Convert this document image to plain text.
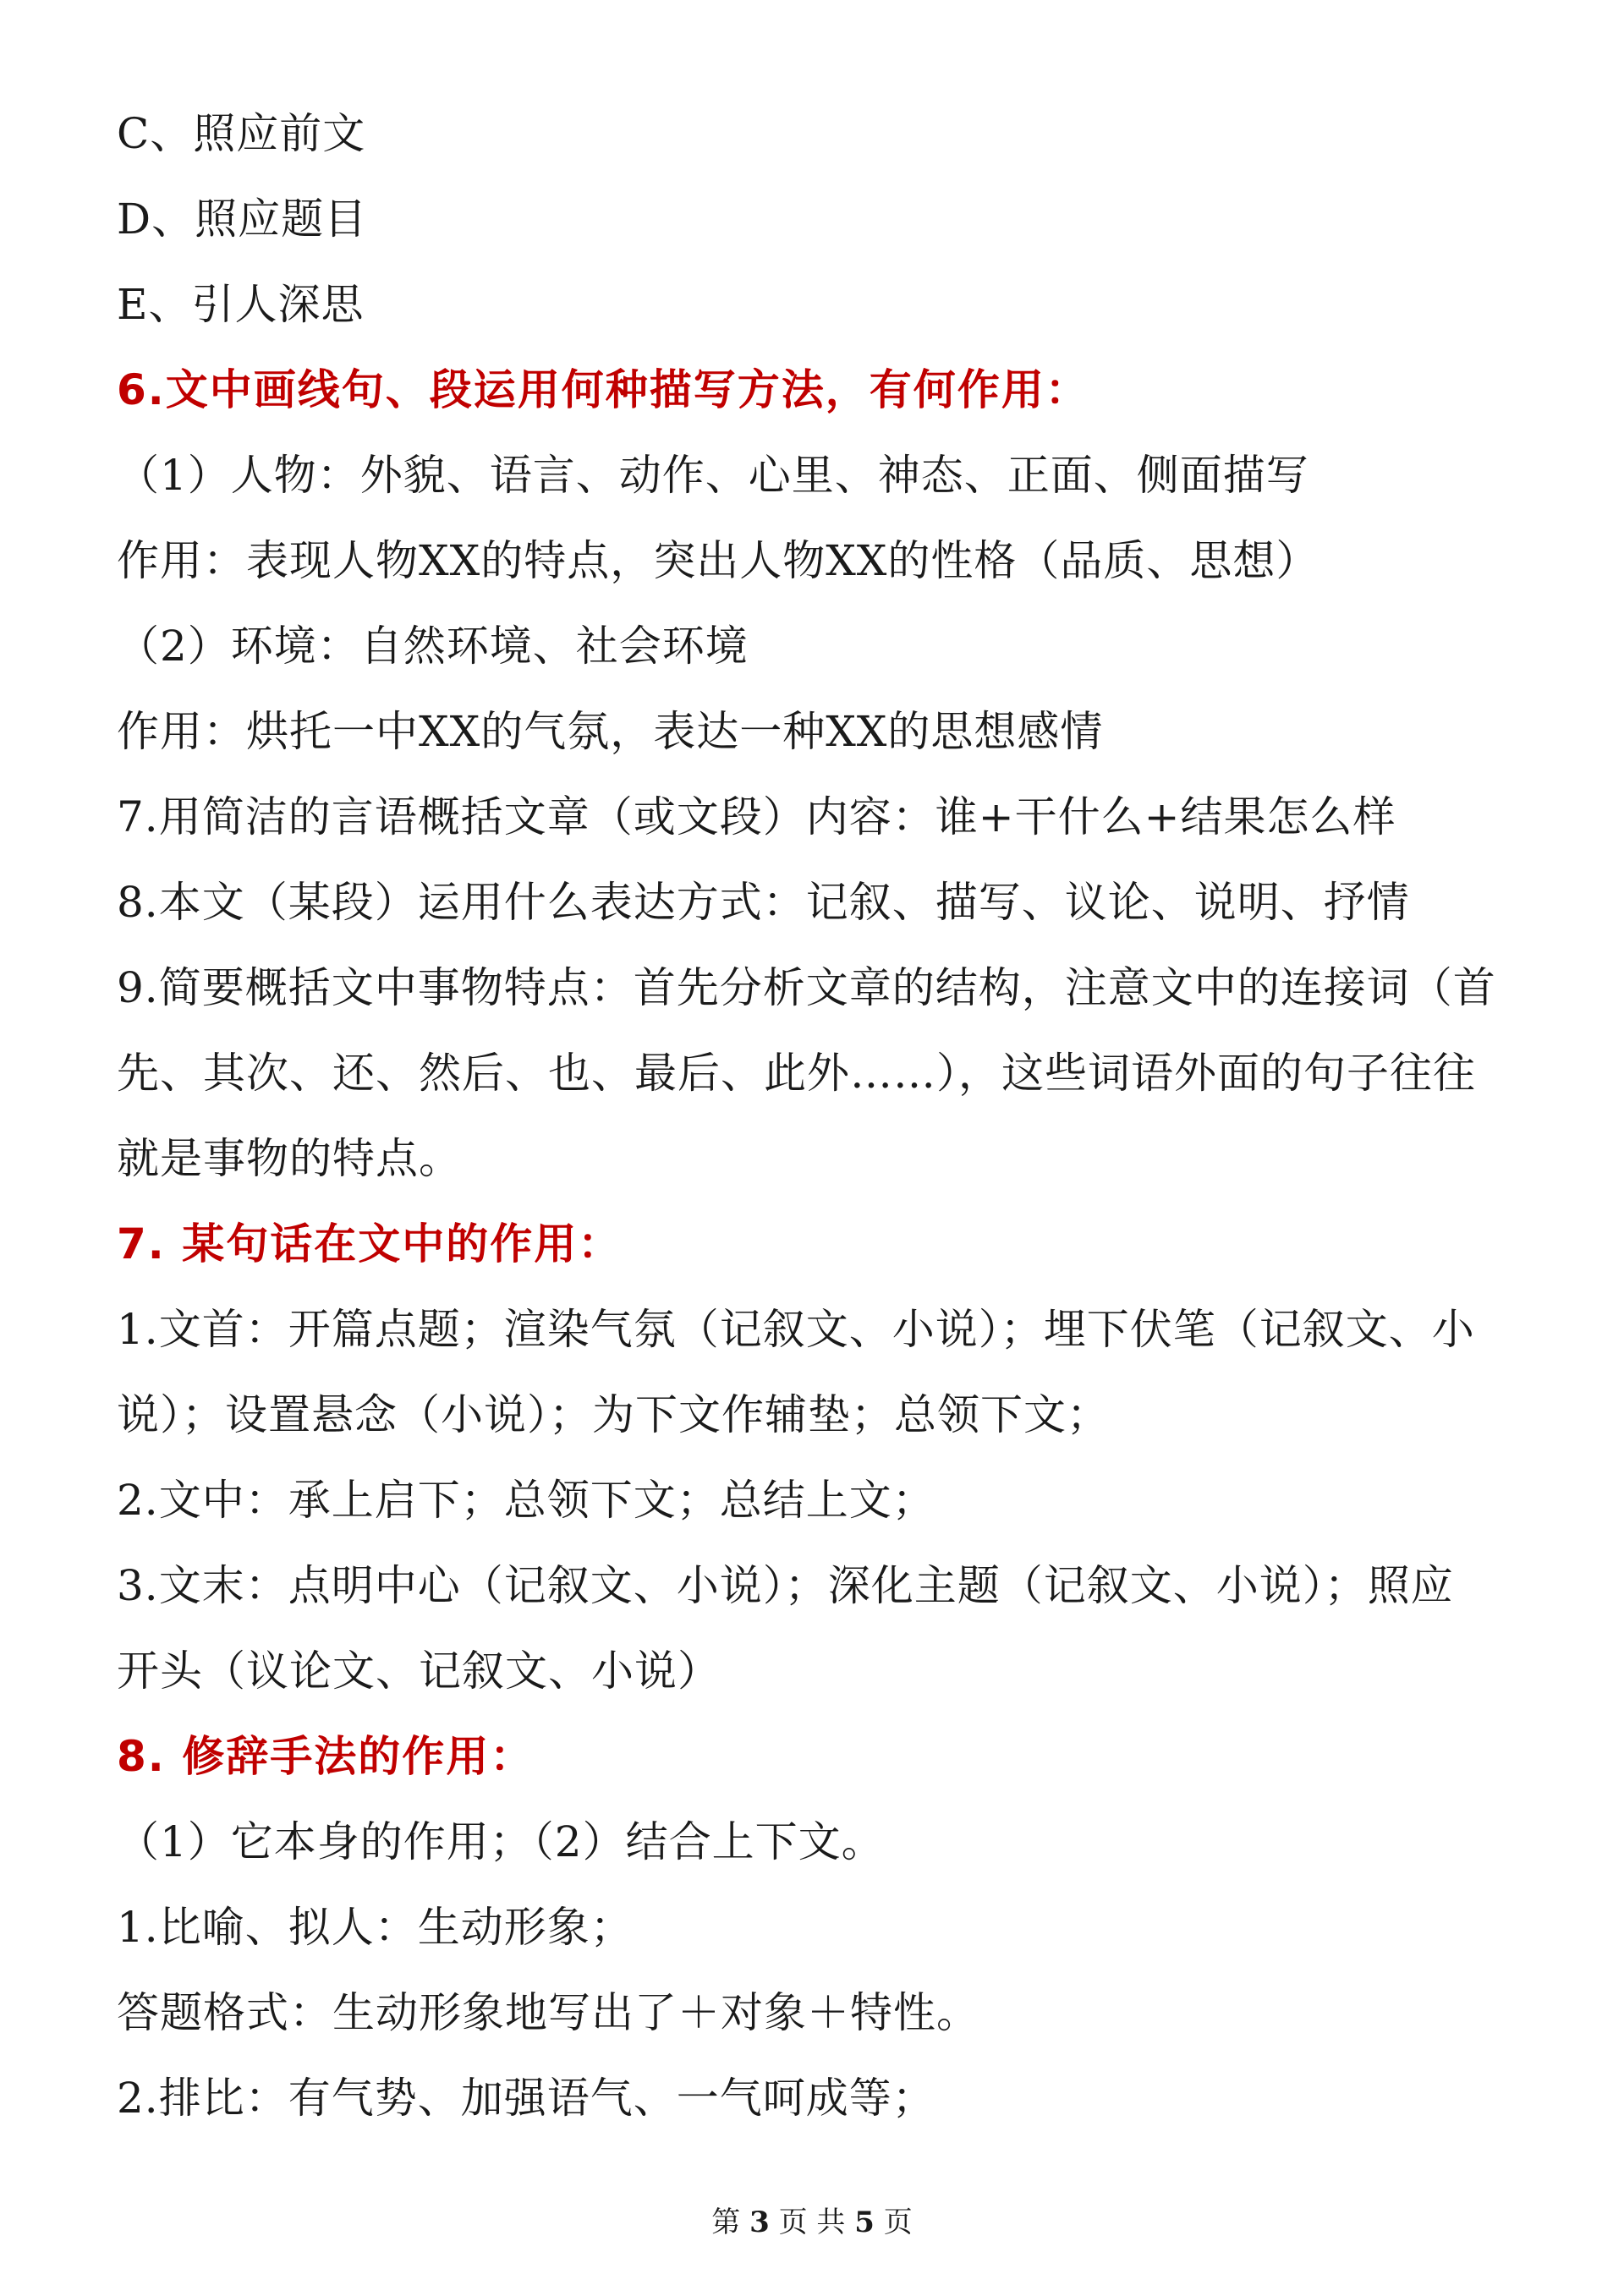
C、照应前文
D、照应题目
E、引人深思
6.文中画线句、段运用何种描写方法，有何作用：
（1）人物：外貌、语言、动作、心里、神态、正面、侧面描写
作用：表现人物XX的特点，突出人物XX的性格（品质、思想）
（2）环境：自然环境、社会环境
作用：烘托一中XX的气氛，表达一种XX的思想感情
7.用简洁的言语概括文章（或文段）内容：谁+干什么+结果怎么样
8.本文（某段）运用什么表达方式：记叙、描写、议论、说明、抒情
9.简要概括文中事物特点：首先分析文章的结构，注意文中的连接词（首
先、其次、还、然后、也、最后、此外……），这些词语外面的句子往往
就是事物的特点。
7. 某句话在文中的作用：
1.文首：开篇点题；渲染气氛（记叙文、小说）；埋下伏笔（记叙文、小
说）；设置悬念（小说）；为下文作辅垫；总领下文；
2.文中：承上启下；总领下文；总结上文；
3.文末：点明中心（记叙文、小说）；深化主题（记叙文、小说）；照应
开头（议论文、记叙文、小说）
8. 修辞手法的作用：
（1）它本身的作用；（2）结合上下文。
1.比喻、拟人：生动形象；
答题格式：生动形象地写出了＋对象＋特性。
2.排比：有气势、加强语气、一气呵成等；
第 3 页 共 5 页
